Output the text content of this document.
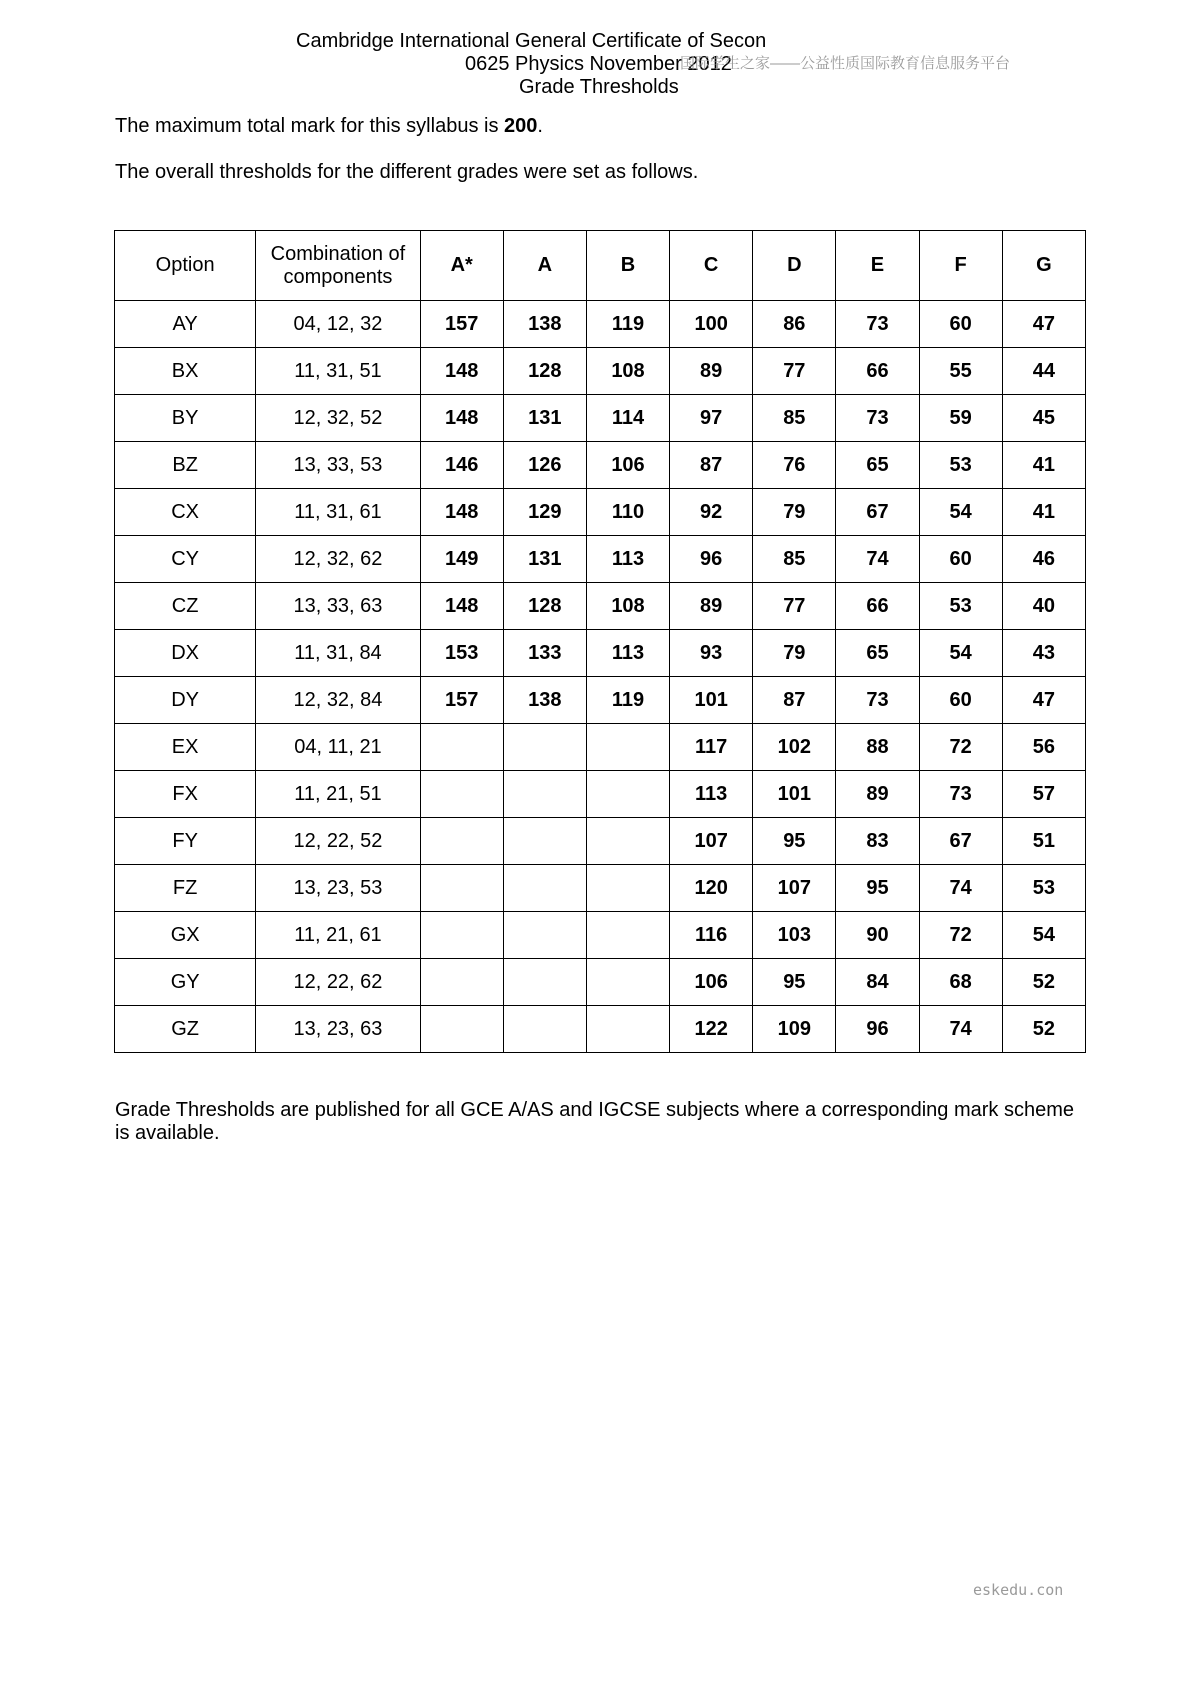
Cambridge International General Certificate of Secon
0625 Physics November 2012
Grade Thresholds
国际学生之家——公益性质国际教育信息服务平台
The maximum total mark for this syllabus is 200.
The overall thresholds for the different grades were set as follows.
Option	Combination of components	A*	A	B	C	D	E	F	G
AY	04, 12, 32	157	138	119	100	86	73	60	47
BX	11, 31, 51	148	128	108	89	77	66	55	44
BY	12, 32, 52	148	131	114	97	85	73	59	45
BZ	13, 33, 53	146	126	106	87	76	65	53	41
CX	11, 31, 61	148	129	110	92	79	67	54	41
CY	12, 32, 62	149	131	113	96	85	74	60	46
CZ	13, 33, 63	148	128	108	89	77	66	53	40
DX	11, 31, 84	153	133	113	93	79	65	54	43
DY	12, 32, 84	157	138	119	101	87	73	60	47
EX	04, 11, 21				117	102	88	72	56
FX	11, 21, 51				113	101	89	73	57
FY	12, 22, 52				107	95	83	67	51
FZ	13, 23, 53				120	107	95	74	53
GX	11, 21, 61				116	103	90	72	54
GY	12, 22, 62				106	95	84	68	52
GZ	13, 23, 63				122	109	96	74	52
Grade Thresholds are published for all GCE A/AS and IGCSE subjects where a corresponding mark scheme is available.
eskedu.con
